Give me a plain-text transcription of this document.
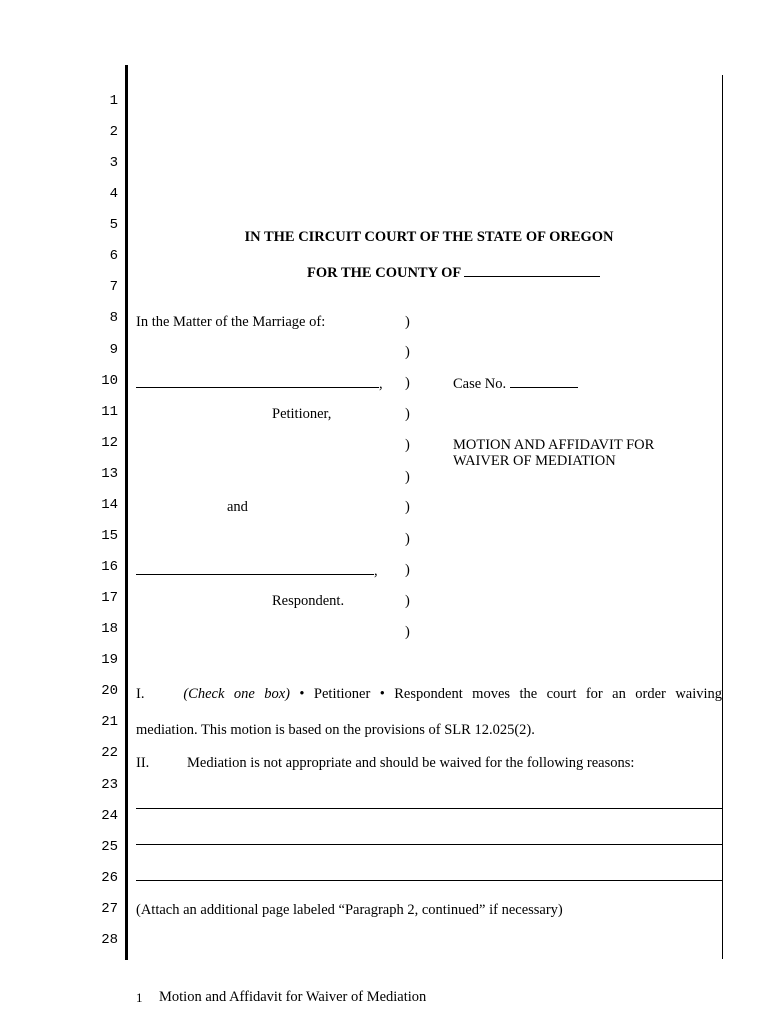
1
2
3
4
5
6
7
8
9
10
11
12
13
14
15
16
17
18
19
20
21
22
23
24
25
26
27
28
IN THE CIRCUIT COURT OF THE STATE OF OREGON
FOR THE COUNTY OF
In the Matter of the Marriage of:
,
Petitioner,
and
,
Respondent.
)
)
)
)
)
)
)
)
)
)
)
Case No.
MOTION AND AFFIDAVIT FOR
WAIVER OF MEDIATION
I.	(Check one box) • Petitioner • Respondent moves the court for an order waiving
mediation. This motion is based on the provisions of SLR 12.025(2).
II.	Mediation is not appropriate and should be waived for the following reasons:
(Attach an additional page labeled “Paragraph 2, continued” if necessary)
1 Motion and Affidavit for Waiver of Mediation
